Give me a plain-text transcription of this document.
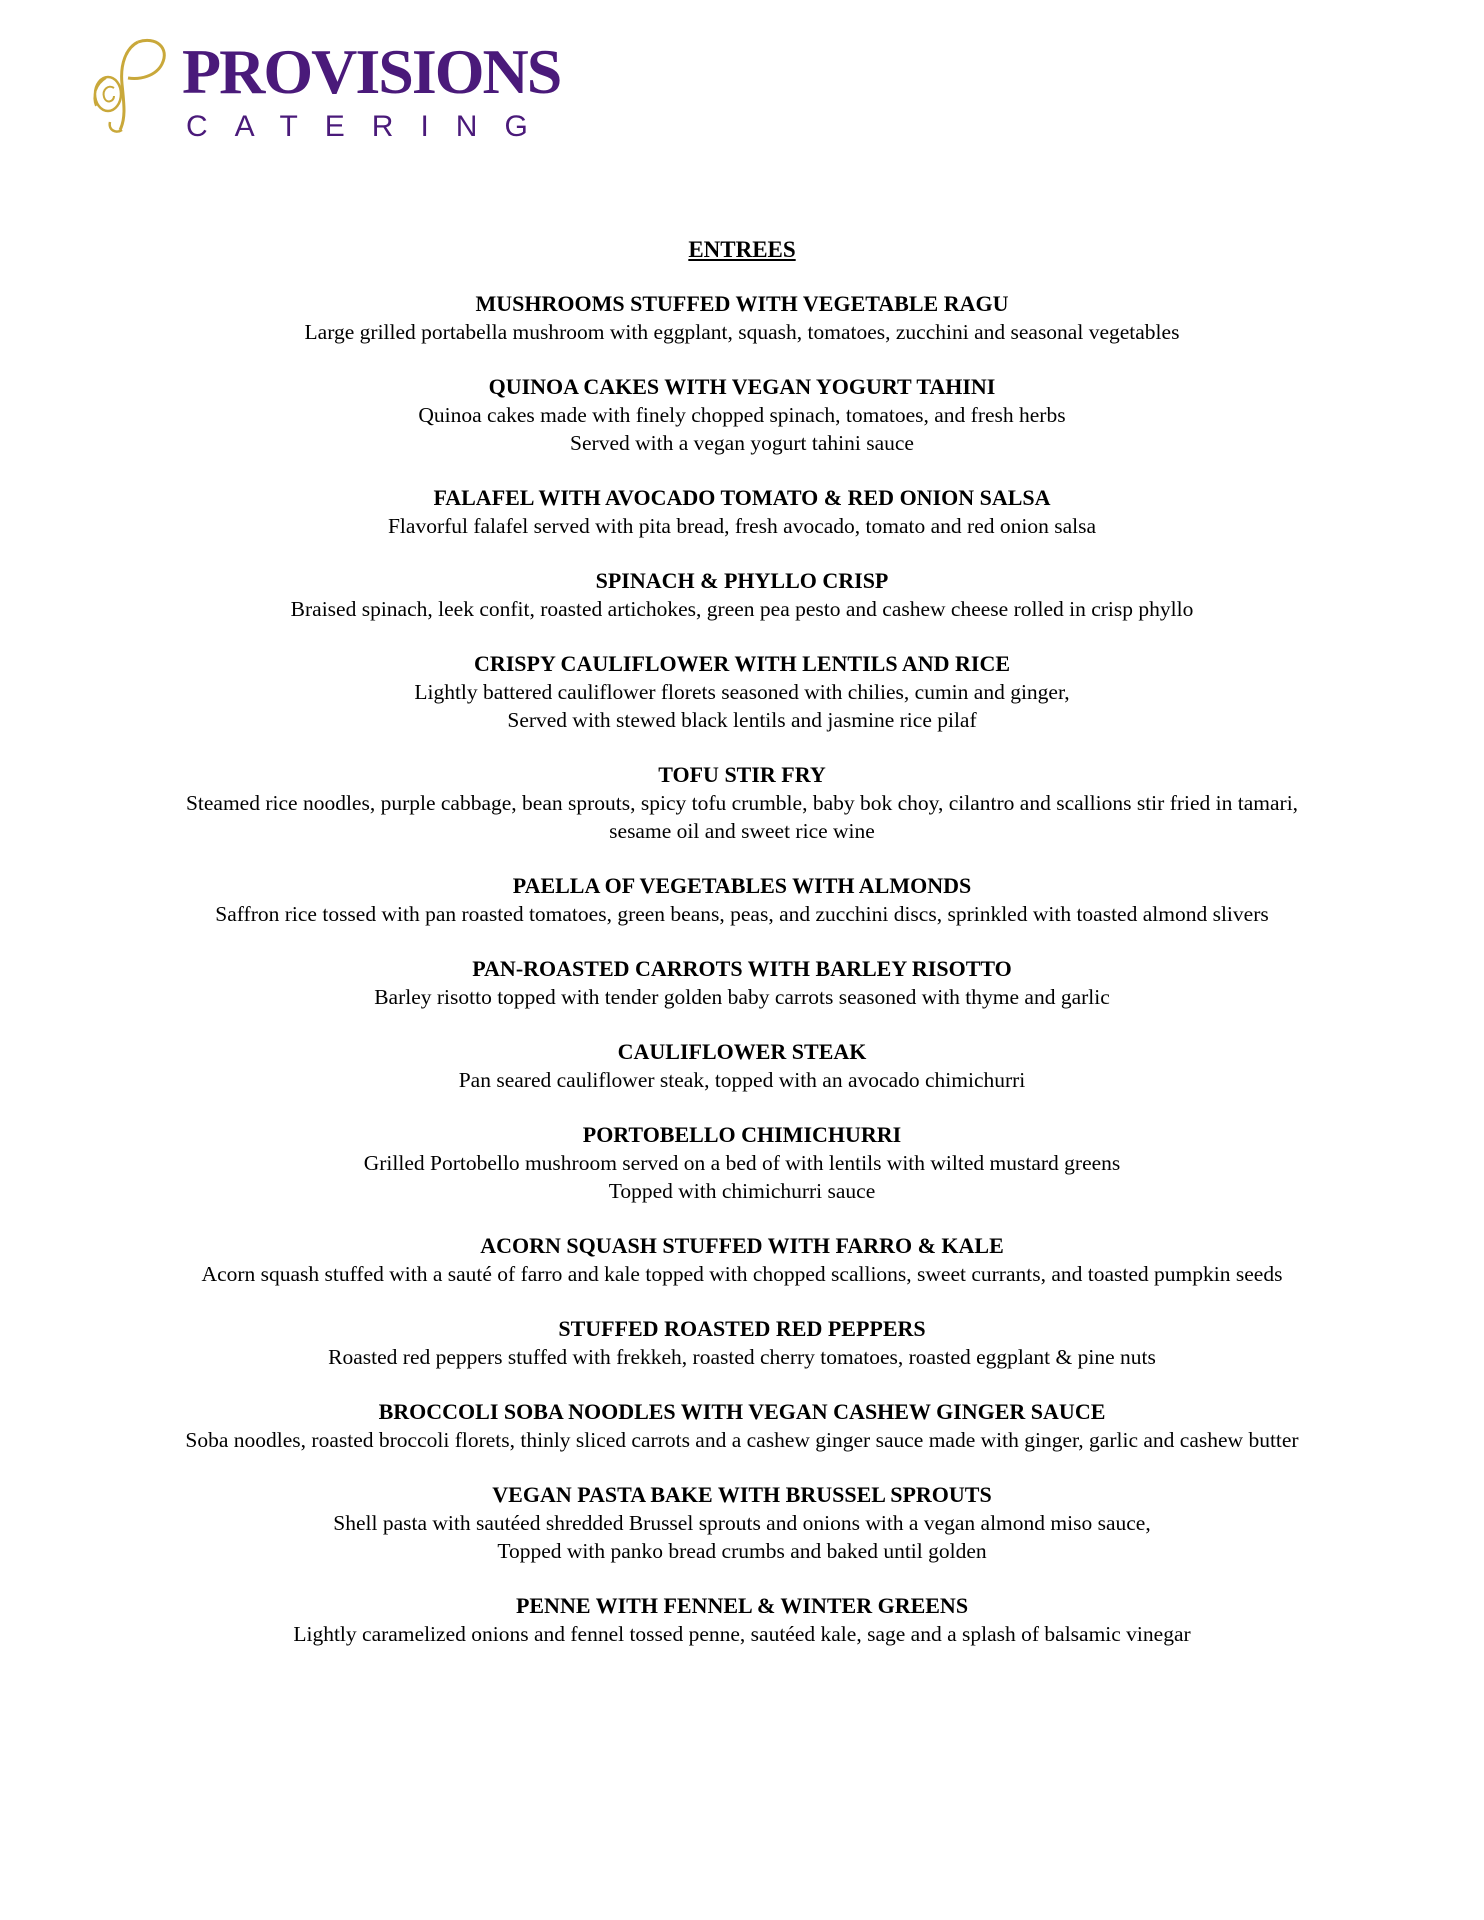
PROVISIONS
CATERING
ENTREES
MUSHROOMS STUFFED WITH VEGETABLE RAGU
Large grilled portabella mushroom with eggplant, squash, tomatoes, zucchini and seasonal vegetables
QUINOA CAKES WITH VEGAN YOGURT TAHINI
Quinoa cakes made with finely chopped spinach, tomatoes, and fresh herbs
Served with a vegan yogurt tahini sauce
FALAFEL WITH AVOCADO TOMATO & RED ONION SALSA
Flavorful falafel served with pita bread, fresh avocado, tomato and red onion salsa
SPINACH & PHYLLO CRISP
Braised spinach, leek confit, roasted artichokes, green pea pesto and cashew cheese rolled in crisp phyllo
CRISPY CAULIFLOWER WITH LENTILS AND RICE
Lightly battered cauliflower florets seasoned with chilies, cumin and ginger,
Served with stewed black lentils and jasmine rice pilaf
TOFU STIR FRY
Steamed rice noodles, purple cabbage, bean sprouts, spicy tofu crumble, baby bok choy, cilantro and scallions stir fried in tamari,
sesame oil and sweet rice wine
PAELLA OF VEGETABLES WITH ALMONDS
Saffron rice tossed with pan roasted tomatoes, green beans, peas, and zucchini discs, sprinkled with toasted almond slivers
PAN-ROASTED CARROTS WITH BARLEY RISOTTO
Barley risotto topped with tender golden baby carrots seasoned with thyme and garlic
CAULIFLOWER STEAK
Pan seared cauliflower steak, topped with an avocado chimichurri
PORTOBELLO CHIMICHURRI
Grilled Portobello mushroom served on a bed of with lentils with wilted mustard greens
Topped with chimichurri sauce
ACORN SQUASH STUFFED WITH FARRO & KALE
Acorn squash stuffed with a sauté of farro and kale topped with chopped scallions, sweet currants, and toasted pumpkin seeds
STUFFED ROASTED RED PEPPERS
Roasted red peppers stuffed with frekkeh, roasted cherry tomatoes, roasted eggplant & pine nuts
BROCCOLI SOBA NOODLES WITH VEGAN CASHEW GINGER SAUCE
Soba noodles, roasted broccoli florets, thinly sliced carrots and a cashew ginger sauce made with ginger, garlic and cashew butter
VEGAN PASTA BAKE WITH BRUSSEL SPROUTS
Shell pasta with sautéed shredded Brussel sprouts and onions with a vegan almond miso sauce,
Topped with panko bread crumbs and baked until golden
PENNE WITH FENNEL & WINTER GREENS
Lightly caramelized onions and fennel tossed penne, sautéed kale, sage and a splash of balsamic vinegar
